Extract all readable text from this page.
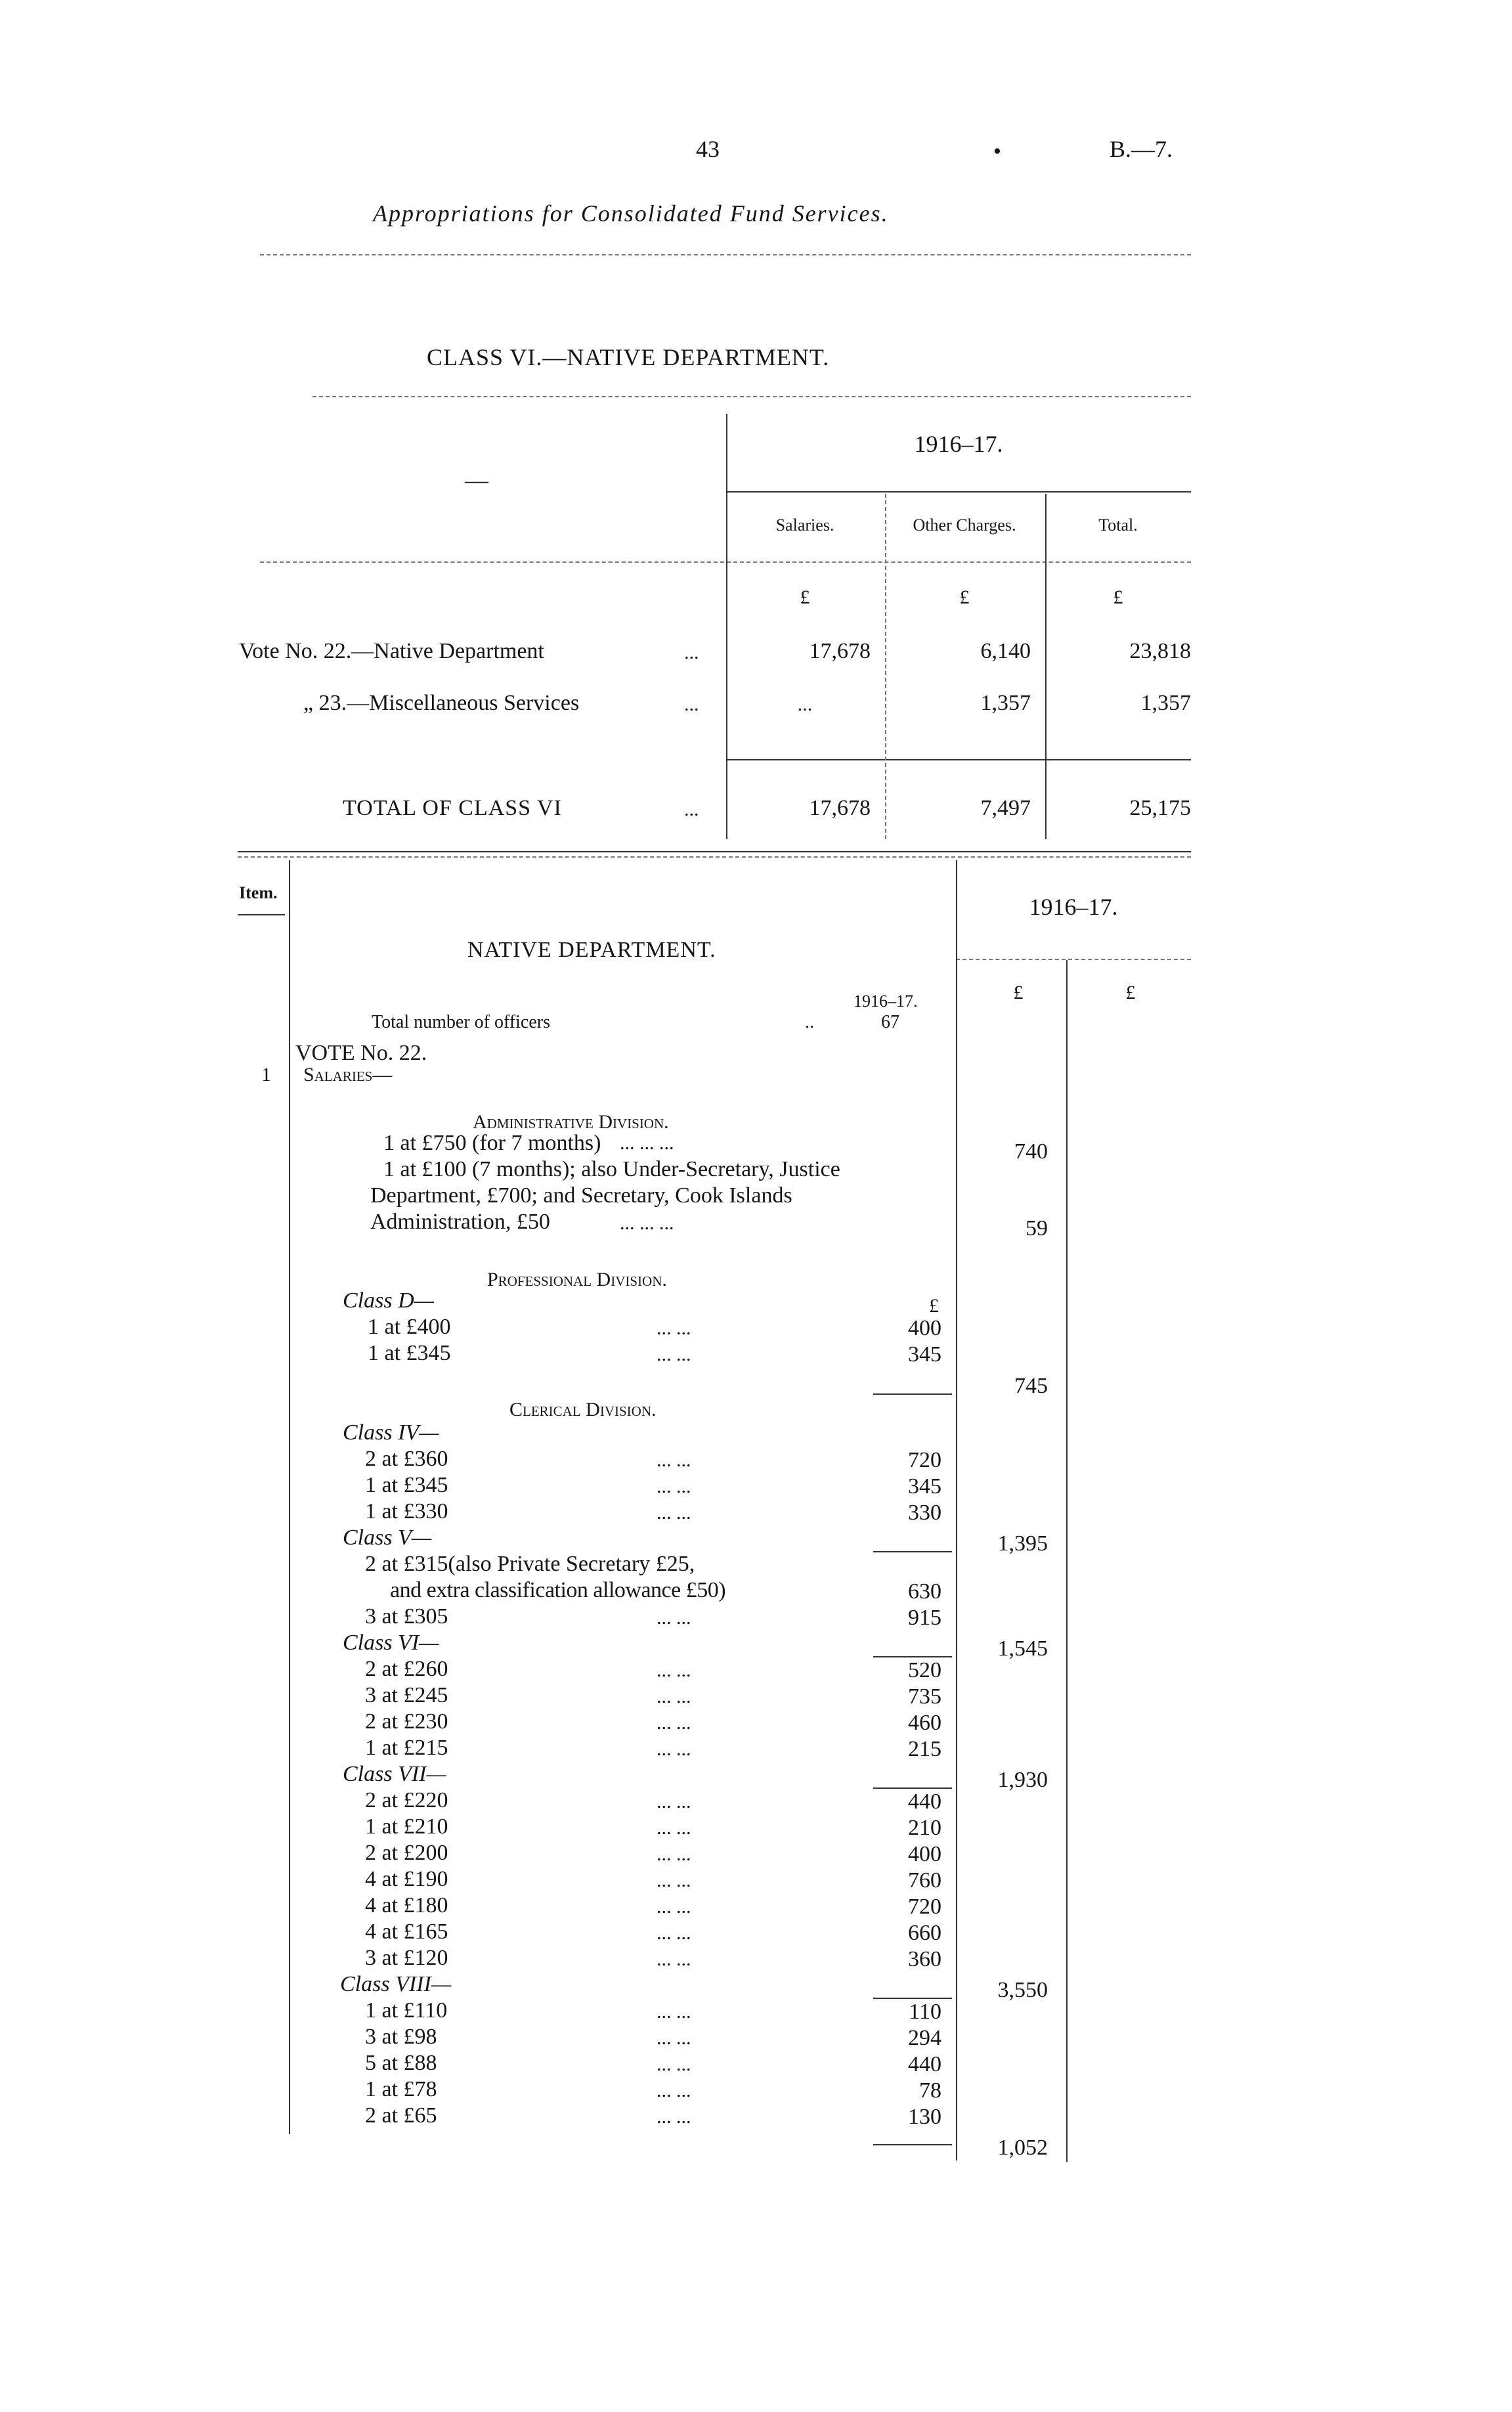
43	•	B.—7.
Appropriations for Consolidated Fund Services.
CLASS VI.—NATIVE DEPARTMENT.
—
1916–17.
Salaries.	Other Charges.	Total.
£	£	£
Vote No. 22.—Native Department	...	17,678	6,140	23,818
„ 23.—Miscellaneous Services	...	...	1,357	1,357
TOTAL OF CLASS VI	...	17,678	7,497	25,175
Item.
1916–17.
£	£
NATIVE DEPARTMENT.
1916–17.
Total number of officers	..	67
VOTE No. 22.
1 Salaries—
Administrative Division.
1 at £750 (for 7 months) ... ... ...	740
1 at £100 (7 months); also Under-Secretary, Justice
Department, £700; and Secretary, Cook Islands
Administration, £50	... ... ...	59
Professional Division.
Class D—	£
1 at £400	... ...	400
1 at £345	... ...	345
745
Clerical Division.
Class IV—
2 at £360	... ...	720
1 at £345	... ...	345
1 at £330	... ...	330
1,395
Class V—
2 at £315(also Private Secretary £25,
and extra classification allowance £50)	630
3 at £305	... ...	915
1,545
Class VI—
2 at £260	... ...	520
3 at £245	... ...	735
2 at £230	... ...	460
1 at £215	... ...	215
1,930
Class VII—
2 at £220	... ...	440
1 at £210	... ...	210
2 at £200	... ...	400
4 at £190	... ...	760
4 at £180	... ...	720
4 at £165	... ...	660
3 at £120	... ...	360
3,550
Class VIII—
1 at £110	... ...	110
3 at £98	... ...	294
5 at £88	... ...	440
1 at £78	... ...	78
2 at £65	... ...	130
1,052
